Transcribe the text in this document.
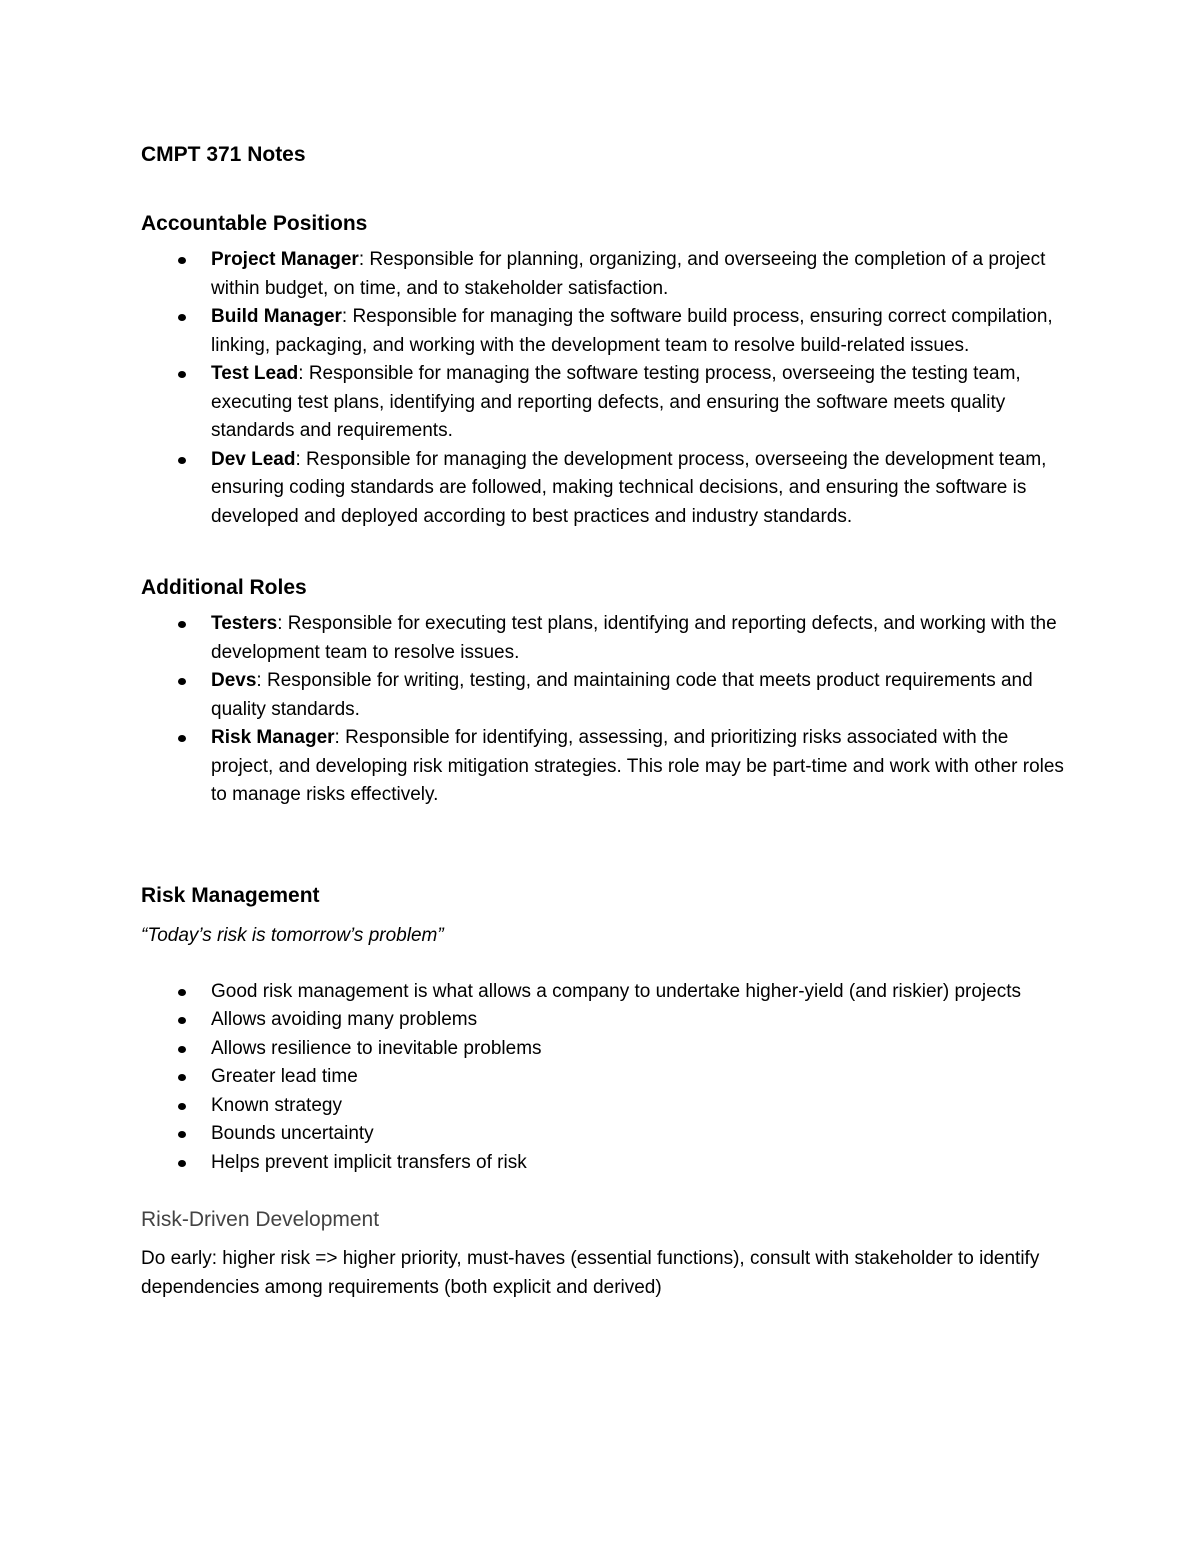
CMPT 371 Notes
Accountable Positions
Project Manager: Responsible for planning, organizing, and overseeing the completion of a project within budget, on time, and to stakeholder satisfaction.
Build Manager: Responsible for managing the software build process, ensuring correct compilation, linking, packaging, and working with the development team to resolve build-related issues.
Test Lead: Responsible for managing the software testing process, overseeing the testing team, executing test plans, identifying and reporting defects, and ensuring the software meets quality standards and requirements.
Dev Lead: Responsible for managing the development process, overseeing the development team, ensuring coding standards are followed, making technical decisions, and ensuring the software is developed and deployed according to best practices and industry standards.
Additional Roles
Testers: Responsible for executing test plans, identifying and reporting defects, and working with the development team to resolve issues.
Devs: Responsible for writing, testing, and maintaining code that meets product requirements and quality standards.
Risk Manager: Responsible for identifying, assessing, and prioritizing risks associated with the project, and developing risk mitigation strategies. This role may be part-time and work with other roles to manage risks effectively.
Risk Management

“Today’s risk is tomorrow’s problem”

Good risk management is what allows a company to undertake higher-yield (and riskier) projects
Allows avoiding many problems
Allows resilience to inevitable problems
Greater lead time
Known strategy
Bounds uncertainty
Helps prevent implicit transfers of risk
Risk-Driven Development

Do early: higher risk => higher priority, must-haves (essential functions), consult with stakeholder to identify dependencies among requirements (both explicit and derived)
